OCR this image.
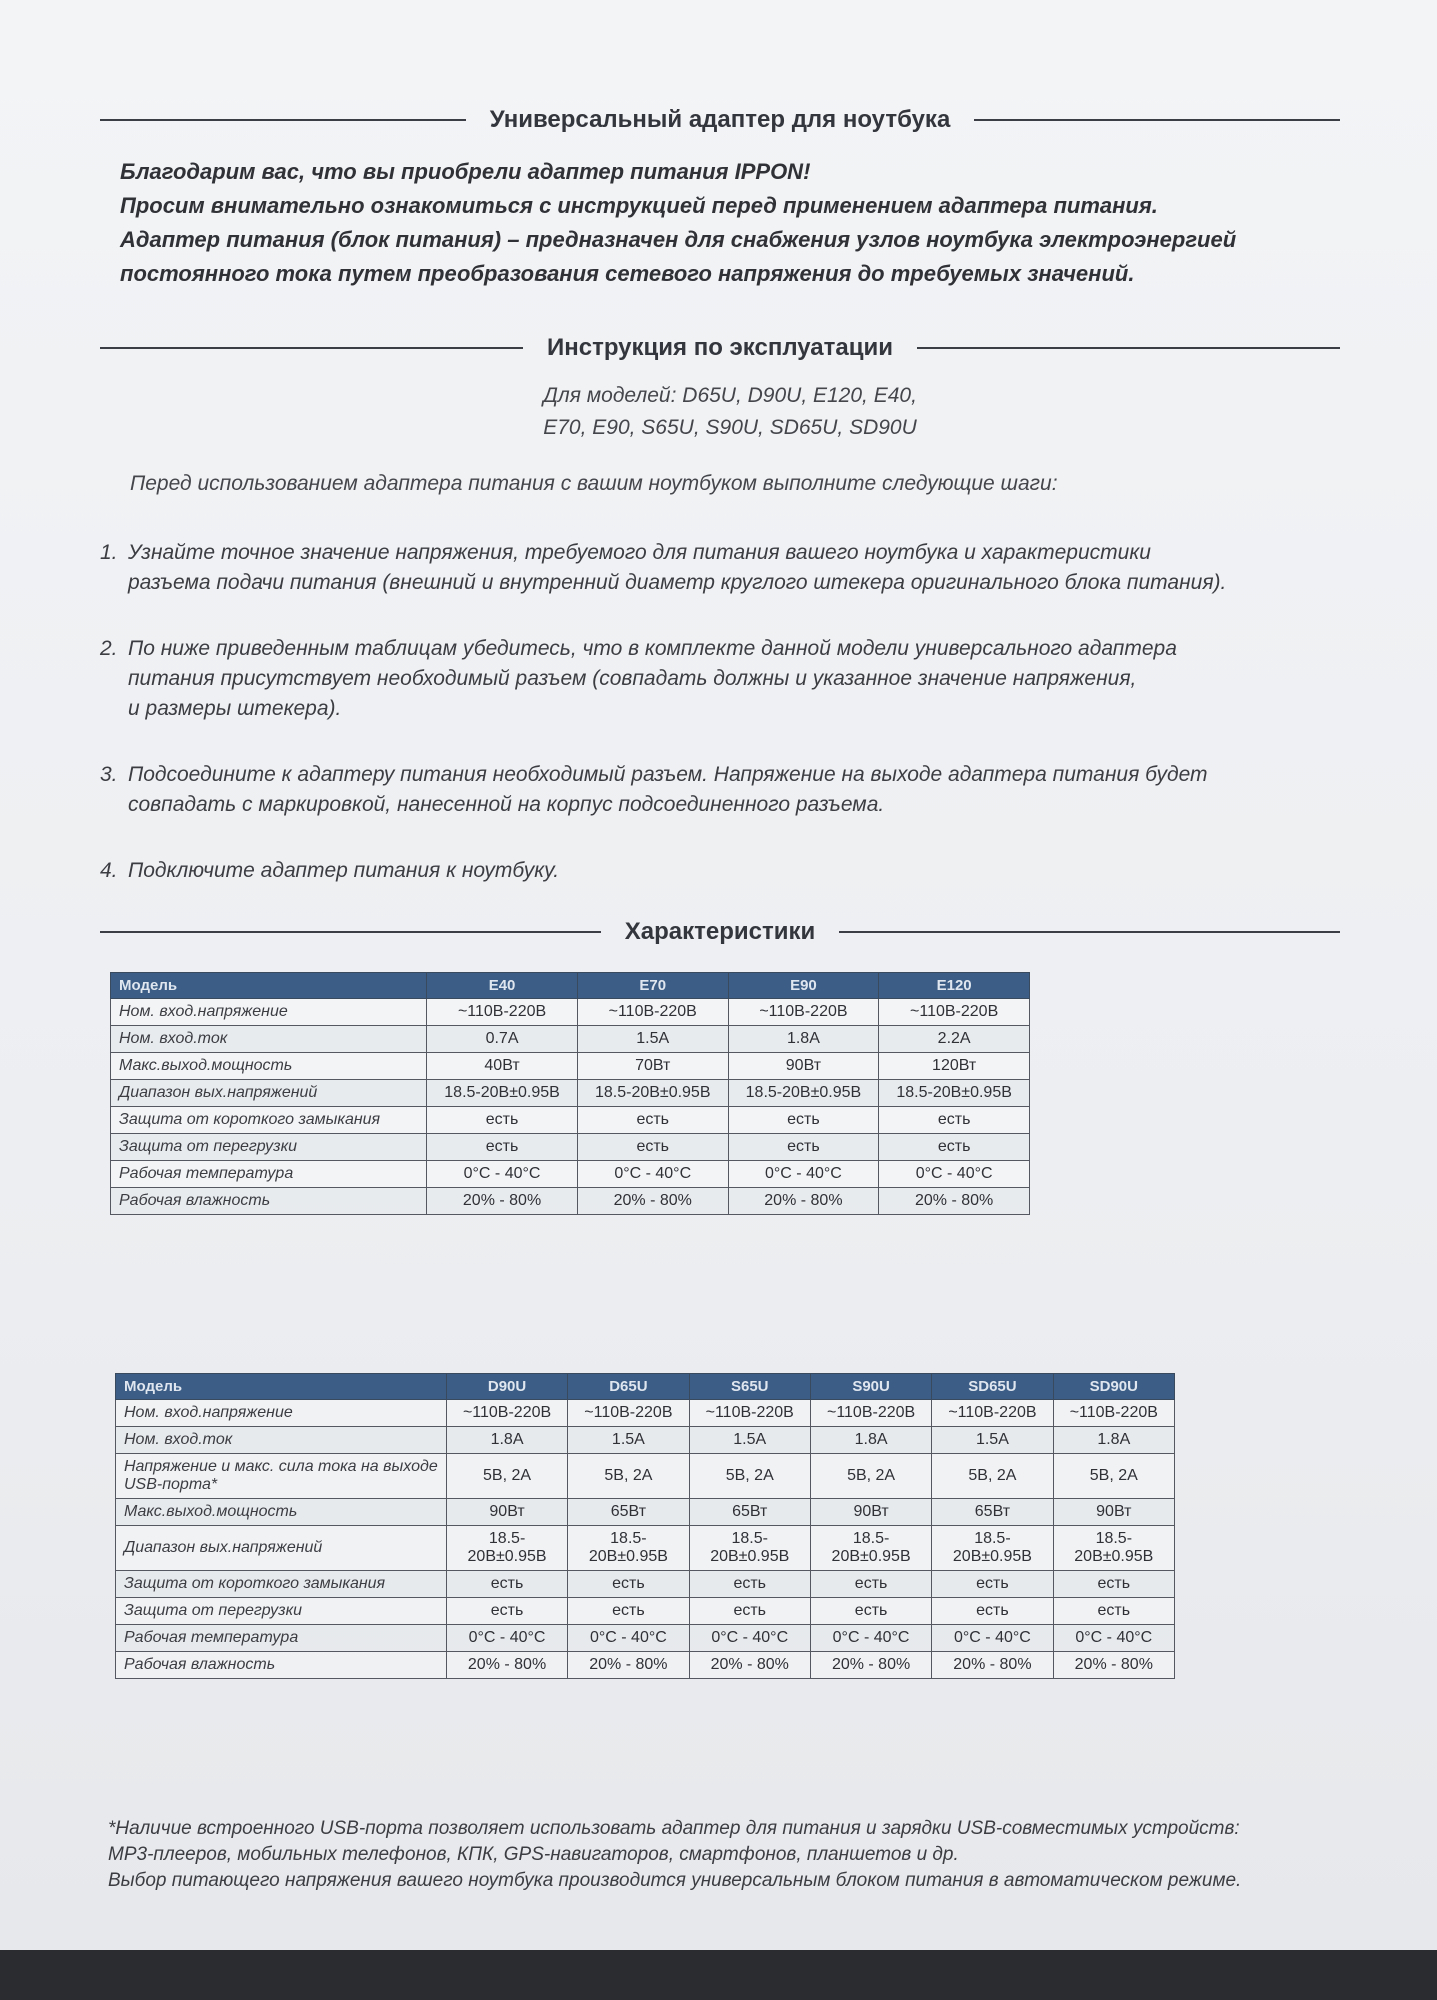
Универсальный адаптер для ноутбука
Благодарим вас, что вы приобрели адаптер питания IPPON!
Просим внимательно ознакомиться с инструкцией перед применением адаптера питания.
Адаптер питания (блок питания) – предназначен для снабжения узлов ноутбука электроэнергией
постоянного тока путем преобразования сетевого напряжения до требуемых значений.
Инструкция по эксплуатации
Для моделей: D65U, D90U, E120, E40,
E70, E90, S65U, S90U, SD65U, SD90U
Перед использованием адаптера питания с вашим ноутбуком выполните следующие шаги:
1. Узнайте точное значение напряжения, требуемого для питания вашего ноутбука и характеристики
разъема подачи питания (внешний и внутренний диаметр круглого штекера оригинального блока питания).
2. По ниже приведенным таблицам убедитесь, что в комплекте данной модели универсального адаптера
питания присутствует необходимый разъем (совпадать должны и указанное значение напряжения,
и размеры штекера).
3. Подсоедините к адаптеру питания необходимый разъем. Напряжение на выходе адаптера питания будет
совпадать с маркировкой, нанесенной на корпус подсоединенного разъема.
4. Подключите адаптер питания к ноутбуку.
Характеристики
Модель	E40	E70	E90	E120
Ном. вход.напряжение	~110В-220В	~110В-220В	~110В-220В	~110В-220В
Ном. вход.ток	0.7A	1.5A	1.8A	2.2A
Макс.выход.мощность	40Вт	70Вт	90Вт	120Вт
Диапазон вых.напряжений	18.5-20В±0.95В	18.5-20В±0.95В	18.5-20В±0.95В	18.5-20В±0.95В
Защита от короткого замыкания	есть	есть	есть	есть
Защита от перегрузки	есть	есть	есть	есть
Рабочая температура	0°C - 40°C	0°C - 40°C	0°C - 40°C	0°C - 40°C
Рабочая влажность	20% - 80%	20% - 80%	20% - 80%	20% - 80%
Модель	D90U	D65U	S65U	S90U	SD65U	SD90U
Ном. вход.напряжение	~110В-220В	~110В-220В	~110В-220В	~110В-220В	~110В-220В	~110В-220В
Ном. вход.ток	1.8A	1.5A	1.5A	1.8A	1.5A	1.8A
Напряжение и макс. сила тока на выходе USB-порта*	5В, 2А	5В, 2А	5В, 2А	5В, 2А	5В, 2А	5В, 2А
Макс.выход.мощность	90Вт	65Вт	65Вт	90Вт	65Вт	90Вт
Диапазон вых.напряжений	18.5-20В±0.95В	18.5-20В±0.95В	18.5-20В±0.95В	18.5-20В±0.95В	18.5-20В±0.95В	18.5-20В±0.95В
Защита от короткого замыкания	есть	есть	есть	есть	есть	есть
Защита от перегрузки	есть	есть	есть	есть	есть	есть
Рабочая температура	0°C - 40°C	0°C - 40°C	0°C - 40°C	0°C - 40°C	0°C - 40°C	0°C - 40°C
Рабочая влажность	20% - 80%	20% - 80%	20% - 80%	20% - 80%	20% - 80%	20% - 80%
*Наличие встроенного USB-порта позволяет использовать адаптер для питания и зарядки USB-совместимых устройств:
МР3-плееров, мобильных телефонов, КПК, GPS-навигаторов, смартфонов, планшетов и др.
Выбор питающего напряжения вашего ноутбука производится универсальным блоком питания в автоматическом режиме.
